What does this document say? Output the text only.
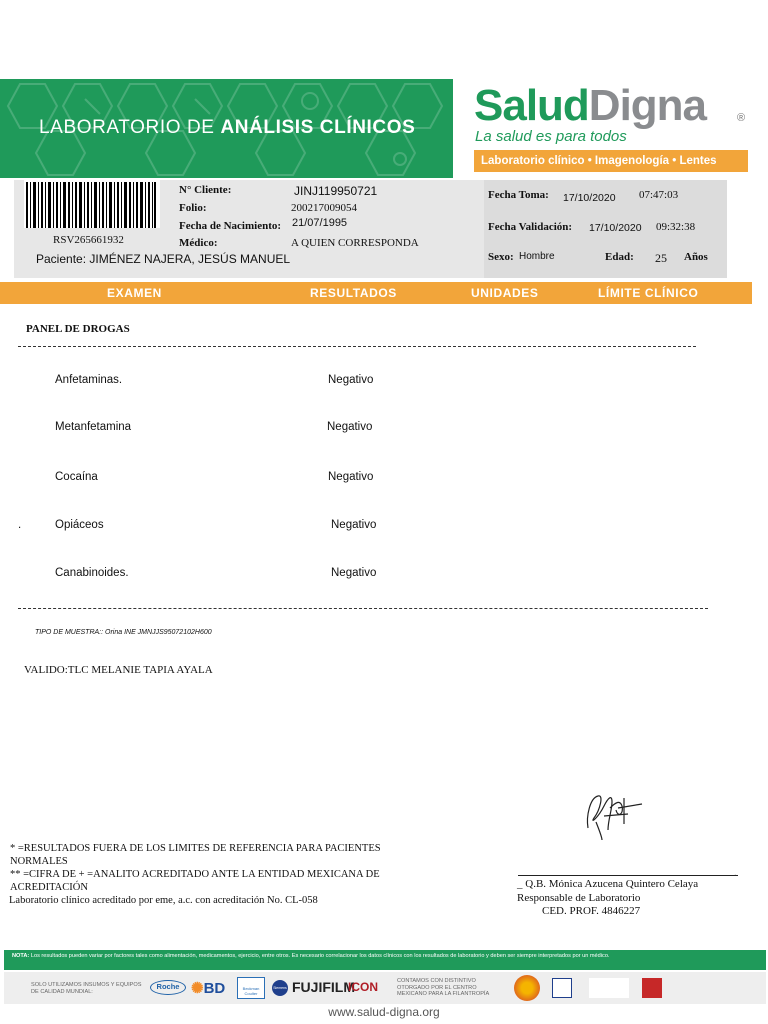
LABORATORIO DE ANÁLISIS CLÍNICOS SaludDigna	®
La salud es para todos
Laboratorio clínico • Imagenología • Lentes
RSV265661932
N° Cliente:	JINJ119950721
Folio:	200217009054
Fecha de Nacimiento: 21/07/1995
Médico:	A QUIEN CORRESPONDA
Paciente: JIMÉNEZ NAJERA, JESÚS MANUEL
Fecha Toma: 17/10/2020 07:47:03
Fecha Validación: 17/10/2020 09:32:38
Sexo: Hombre	Edad: 25 Años
EXAMEN	RESULTADOS	UNIDADES	LÍMITE CLÍNICO
PANEL DE DROGAS
Anfetaminas.	Negativo
Metanfetamina	Negativo
Cocaína	Negativo
.	Opiáceos	Negativo
Canabinoides.	Negativo
TIPO DE MUESTRA:: Orina INE JMNJJS95072102H600
VALIDO:TLC MELANIE TAPIA AYALA
* =RESULTADOS FUERA DE LOS LIMITES DE REFERENCIA PARA PACIENTES NORMALES
** =CIFRA DE + =ANALITO ACREDITADO ANTE LA ENTIDAD MEXICANA DE ACREDITACIÓN
Laboratorio clínico acreditado por eme, a.c. con acreditación No. CL-058
.
_ Q.B. Mónica Azucena Quintero Celaya
Responsable de Laboratorio
CED. PROF. 4846227
NOTA: Los resultados pueden variar por factores tales como alimentación, medicamentos, ejercicio, entre otros. Es necesario correlacionar los datos clínicos con los resultados de laboratorio y deben ser siempre interpretados por un médico.
SOLO UTILIZAMOS INSUMOS Y EQUIPOS DE CALIDAD MUNDIAL:
Roche ✺BD	Beckman Coulter
Siemens FUJIFILM
ICON	CONTAMOS CON DISTINTIVO OTORGADO POR EL CENTRO MEXICANO PARA LA FILANTROPÍA
www.salud-digna.org
